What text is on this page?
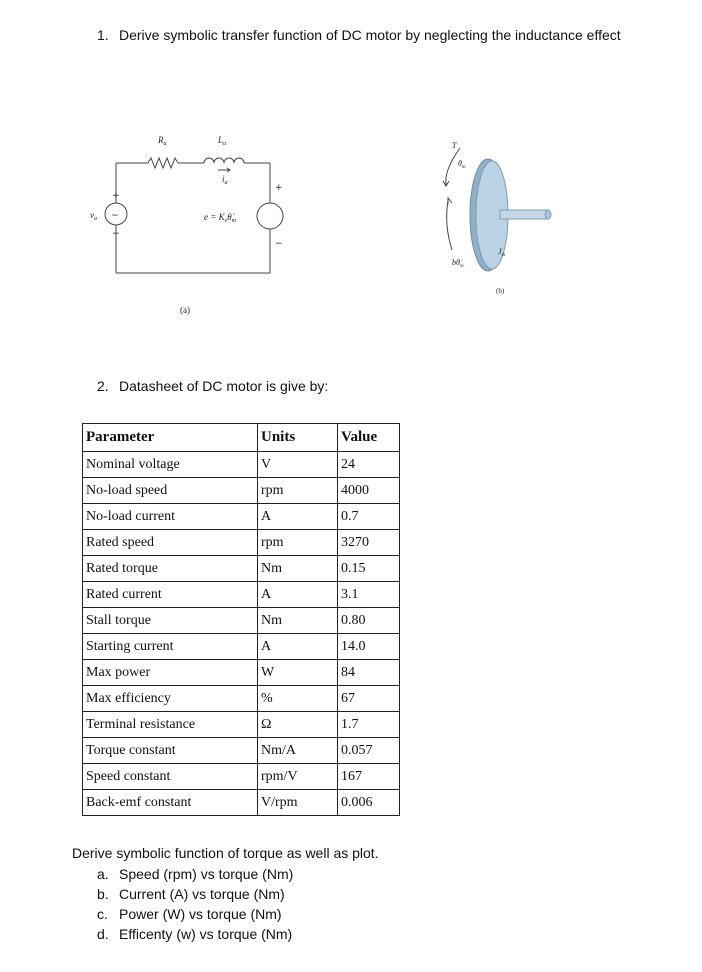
1. Derive symbolic transfer function of DC motor by neglecting the inductance effect
$R_a$	$L_a$
$i_a$
$v_a$	$e = K_e\thetȧ_m$
+
−
~
+
−
(a)
T
$\theta_m$
$b\thetȧ_m$
$J_m$
(b)
2. Datasheet of DC motor is give by:
Parameter	Units	Value
Nominal voltage	V	24
No-load speed	rpm	4000
No-load current	A	0.7
Rated speed	rpm	3270
Rated torque	Nm	0.15
Rated current	A	3.1
Stall torque	Nm	0.80
Starting current	A	14.0
Max power	W	84
Max efficiency	%	67
Terminal resistance	Ω	1.7
Torque constant	Nm/A	0.057
Speed constant	rpm/V	167
Back-emf constant	V/rpm	0.006
Derive symbolic function of torque as well as plot.
a. Speed (rpm) vs torque (Nm)
b. Current (A) vs torque (Nm)
c. Power (W) vs torque (Nm)
d. Efficenty (w) vs torque (Nm)
